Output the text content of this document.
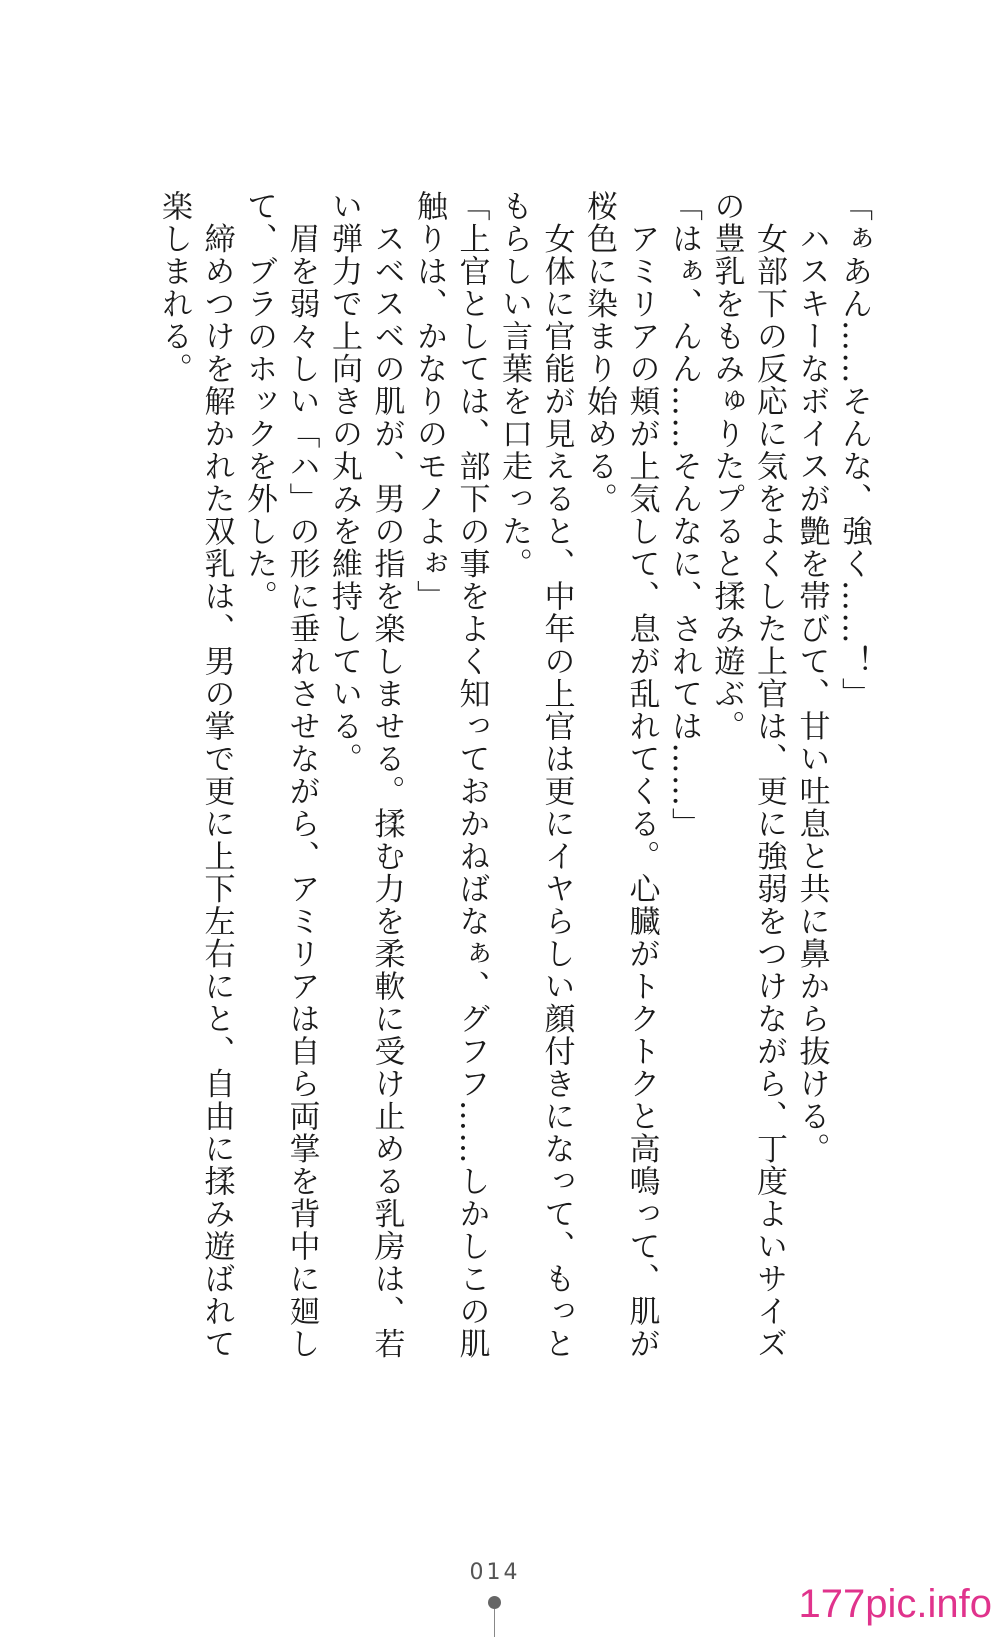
「ぁあん……そんな、強く……！」

　ハスキーなボイスが艶を帯びて、甘い吐息と共に鼻から抜ける。

　女部下の反応に気をよくした上官は、更に強弱をつけながら、丁度よいサイズの豊乳をもみゅりたプると揉み遊ぶ。

「はぁ、んん……そんなに、されては……」

　アミリアの頬が上気して、息が乱れてくる。心臓がトクトクと高鳴って、肌が桜色に染まり始める。

　女体に官能が見えると、中年の上官は更にイヤらしい顔付きになって、もっともらしい言葉を口走った。

「上官としては、部下の事をよく知っておかねばなぁ、グフフ……しかしこの肌触りは、かなりのモノよぉ」

　スベスベの肌が、男の指を楽しませる。揉む力を柔軟に受け止める乳房は、若い弾力で上向きの丸みを維持している。

　眉を弱々しい「ハ」の形に垂れさせながら、アミリアは自ら両掌を背中に廻して、ブラのホックを外した。

　締めつけを解かれた双乳は、男の掌で更に上下左右にと、自由に揉み遊ばれて楽しまれる。

014
177pic.info
